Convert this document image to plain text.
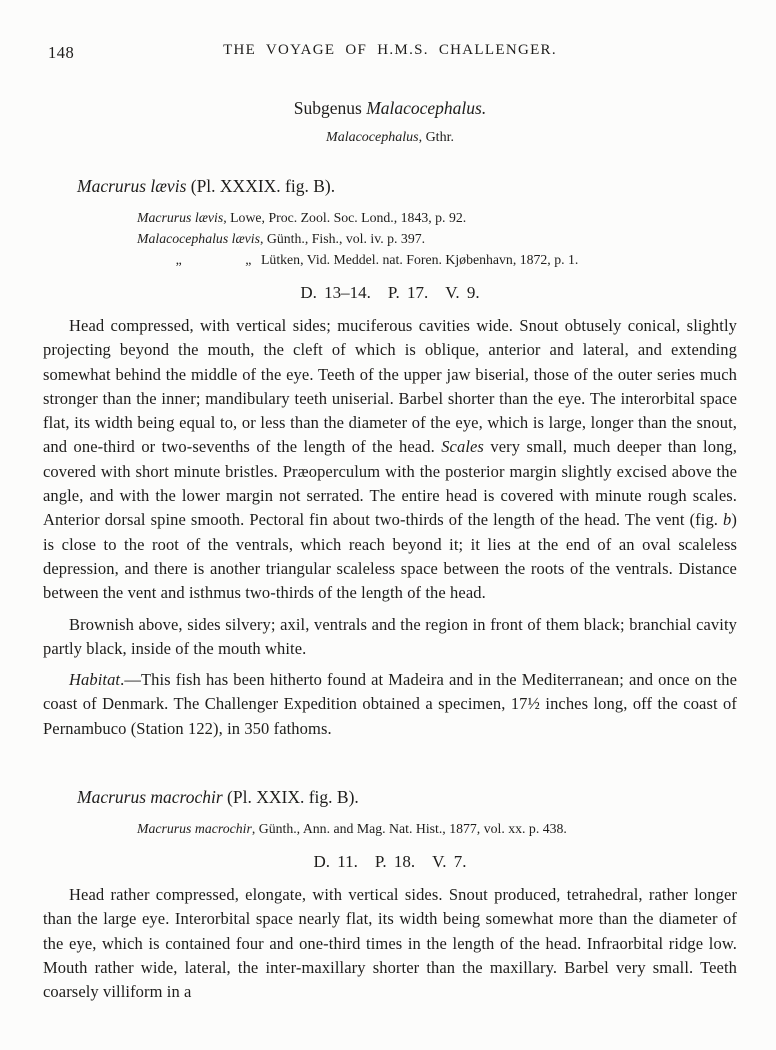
148	THE VOYAGE OF H.M.S. CHALLENGER.
Subgenus Malacocephalus.
Malacocephalus, Gthr.
Macrurus lævis (Pl. XXXIX. fig. B).
Macrurus lævis, Lowe, Proc. Zool. Soc. Lond., 1843, p. 92.
Malacocephalus lævis, Günth., Fish., vol. iv. p. 397.
„	„ Lütken, Vid. Meddel. nat. Foren. Kjøbenhavn, 1872, p. 1.
D. 13–14. P. 17. V. 9.

Head compressed, with vertical sides; muciferous cavities wide. Snout obtusely conical, slightly projecting beyond the mouth, the cleft of which is oblique, anterior and lateral, and extending somewhat behind the middle of the eye. Teeth of the upper jaw biserial, those of the outer series much stronger than the inner; mandibulary teeth uniserial. Barbel shorter than the eye. The interorbital space flat, its width being equal to, or less than the diameter of the eye, which is large, longer than the snout, and one-third or two-sevenths of the length of the head. Scales very small, much deeper than long, covered with short minute bristles. Præoperculum with the posterior margin slightly excised above the angle, and with the lower margin not serrated. The entire head is covered with minute rough scales. Anterior dorsal spine smooth. Pectoral fin about two-thirds of the length of the head. The vent (fig. b) is close to the root of the ventrals, which reach beyond it; it lies at the end of an oval scaleless depression, and there is another triangular scaleless space between the roots of the ventrals. Distance between the vent and isthmus two-thirds of the length of the head.

Brownish above, sides silvery; axil, ventrals and the region in front of them black; branchial cavity partly black, inside of the mouth white.

Habitat.—This fish has been hitherto found at Madeira and in the Mediterranean; and once on the coast of Denmark. The Challenger Expedition obtained a specimen, 17½ inches long, off the coast of Pernambuco (Station 122), in 350 fathoms.

Macrurus macrochir (Pl. XXIX. fig. B).
Macrurus macrochir, Günth., Ann. and Mag. Nat. Hist., 1877, vol. xx. p. 438.
D. 11. P. 18. V. 7.

Head rather compressed, elongate, with vertical sides. Snout produced, tetrahedral, rather longer than the large eye. Interorbital space nearly flat, its width being somewhat more than the diameter of the eye, which is contained four and one-third times in the length of the head. Infraorbital ridge low. Mouth rather wide, lateral, the inter-maxillary shorter than the maxillary. Barbel very small. Teeth coarsely villiform in a
